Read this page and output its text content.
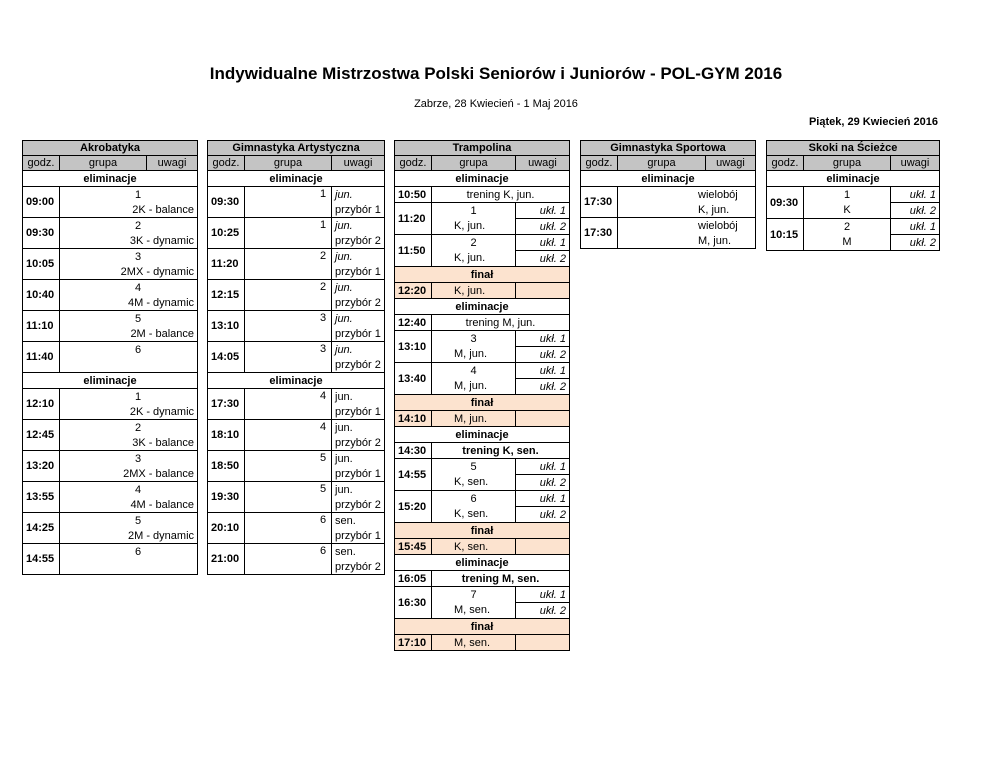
Indywidualne Mistrzostwa Polski Seniorów i Juniorów - POL-GYM 2016
Zabrze, 28 Kwiecień - 1 Maj 2016
Piątek, 29 Kwiecień 2016
Akrobatyka		
godz.	grupa	uwagi
eliminacje		
09:00	1	
	2K - balance	
09:30	2	
	3K - dynamic	
10:05	3	
	2MX - dynamic	
10:40	4	
	4M - dynamic	
11:10	5	
	2M - balance	
11:40	6	

eliminacje		
12:10	1	
	2K - dynamic	
12:45	2	
	3K - balance	
13:20	3	
	2MX - balance	
13:55	4	
	4M - balance	
14:25	5	
	2M - dynamic	
14:55	6	

Gimnastyka Artystyczna		
godz.	grupa	uwagi
eliminacje		
09:30	1	jun.
		przybór 1
10:25	1	jun.
		przybór 2
11:20	2	jun.
		przybór 1
12:15	2	jun.
		przybór 2
13:10	3	jun.
		przybór 1
14:05	3	jun.
		przybór 2
eliminacje		
17:30	4	jun.
		przybór 1
18:10	4	jun.
		przybór 2
18:50	5	jun.
		przybór 1
19:30	5	jun.
		przybór 2
20:10	6	sen.
		przybór 1
21:00	6	sen.
		przybór 2
Trampolina		
godz.	grupa	uwagi
eliminacje		
10:50	trening K, jun.	
11:20	1	ukł. 1
	K, jun.	ukł. 2
11:50	2	ukł. 1
	K, jun.	ukł. 2
finał		
12:20	K, jun.	
eliminacje		
12:40	trening M, jun.	
13:10	3	ukł. 1
	M, jun.	ukł. 2
13:40	4	ukł. 1
	M, jun.	ukł. 2
finał		
14:10	M, jun.	
eliminacje		
14:30	trening K, sen.	
14:55	5	ukł. 1
	K, sen.	ukł. 2
15:20	6	ukł. 1
	K, sen.	ukł. 2
finał		
15:45	K, sen.	
eliminacje		
16:05	trening M, sen.	
16:30	7	ukł. 1
	M, sen.	ukł. 2
finał		
17:10	M, sen.	
Gimnastyka Sportowa		
godz.	grupa	uwagi
eliminacje		
17:30	wielobój	
	K, jun.	
17:30	wielobój	
	M, jun.	
Skoki na Ścieżce		
godz.	grupa	uwagi
eliminacje		
09:30	1	ukł. 1
	K	ukł. 2
10:15	2	ukł. 1
	M	ukł. 2
